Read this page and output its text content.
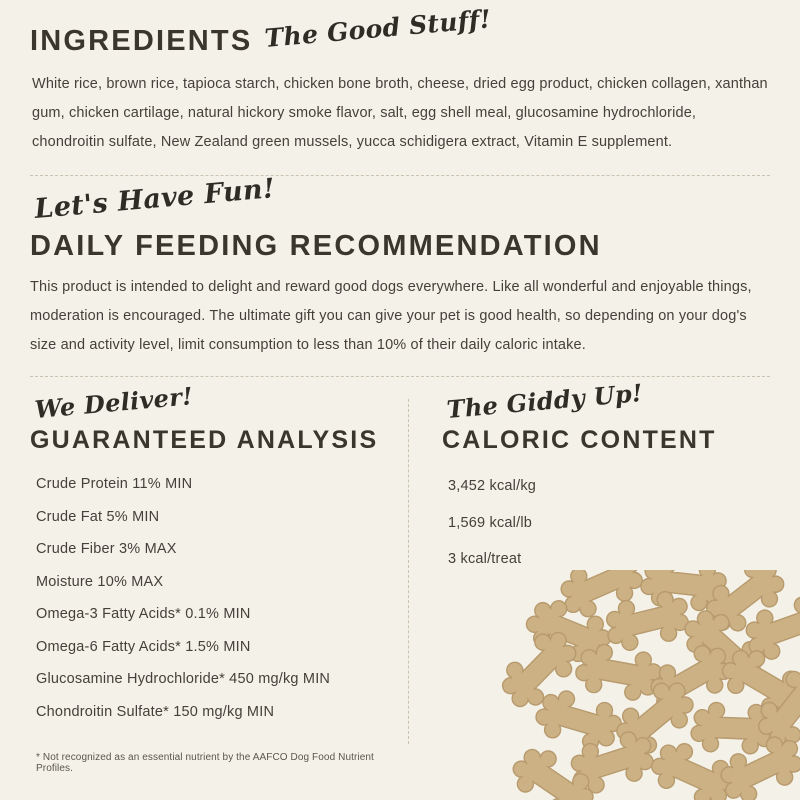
INGREDIENTS The Good Stuff!
White rice, brown rice, tapioca starch, chicken bone broth, cheese, dried egg product, chicken collagen, xanthan gum, chicken cartilage, natural hickory smoke flavor, salt, egg shell meal, glucosamine hydrochloride, chondroitin sulfate, New Zealand green mussels, yucca schidigera extract, Vitamin E supplement.
Let's Have Fun!
DAILY FEEDING RECOMMENDATION
This product is intended to delight and reward good dogs everywhere. Like all wonderful and enjoyable things, moderation is encouraged. The ultimate gift you can give your pet is good health, so depending on your dog's size and activity level, limit consumption to less than 10% of their daily caloric intake.
We Deliver!
GUARANTEED ANALYSIS
Crude Protein 11% MIN
Crude Fat 5% MIN
Crude Fiber 3% MAX
Moisture 10% MAX
Omega-3 Fatty Acids* 0.1% MIN
Omega-6 Fatty Acids* 1.5% MIN
Glucosamine Hydrochloride* 450 mg/kg MIN
Chondroitin Sulfate* 150 mg/kg MIN
* Not recognized as an essential nutrient by the AAFCO Dog Food Nutrient Profiles.
The Giddy Up!
CALORIC CONTENT
3,452 kcal/kg
1,569 kcal/lb
3 kcal/treat
